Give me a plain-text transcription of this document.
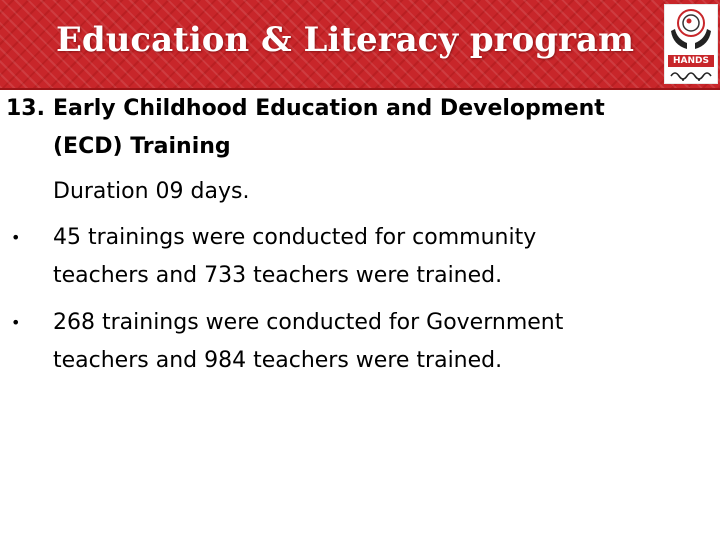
Education & Literacy program
HANDS

13. Early Childhood Education and Development

(ECD) Training

Duration 09 days.

• 45 trainings were conducted for community

teachers and 733 teachers were trained.

• 268 trainings were conducted for Government

teachers and 984 teachers were trained.
